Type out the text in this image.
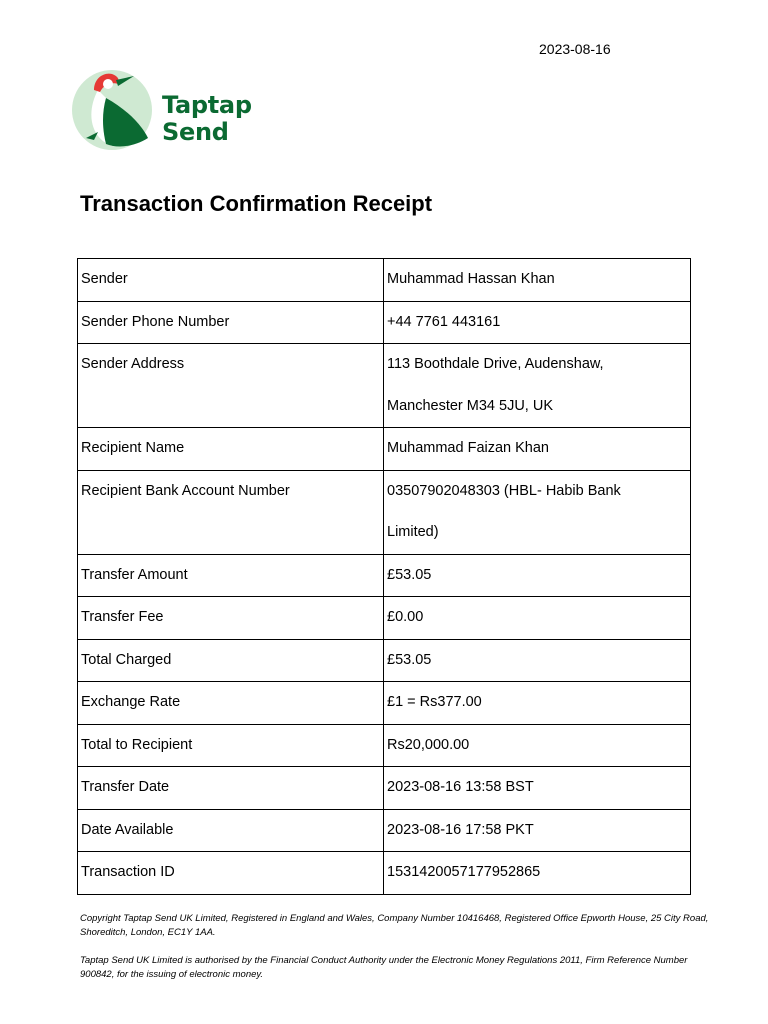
2023-08-16
Taptap
Send
Transaction Confirmation Receipt
Sender	Muhammad Hassan Khan

Sender Phone Number	+44 7761 443161

Sender Address	113 Boothdale Drive, Audenshaw,
Manchester M34 5JU, UK

Recipient Name	Muhammad Faizan Khan

Recipient Bank Account Number	03507902048303 (HBL- Habib Bank
Limited)

Transfer Amount	£53.05

Transfer Fee	£0.00

Total Charged	£53.05

Exchange Rate	£1 = Rs377.00

Total to Recipient	Rs20,000.00

Transfer Date	2023-08-16 13:58 BST

Date Available	2023-08-16 17:58 PKT

Transaction ID	1531420057177952865

Copyright Taptap Send UK Limited, Registered in England and Wales, Company Number 10416468, Registered Office Epworth House, 25 City Road, Shoreditch, London, EC1Y 1AA.

Taptap Send UK Limited is authorised by the Financial Conduct Authority under the Electronic Money Regulations 2011, Firm Reference Number 900842, for the issuing of electronic money.
